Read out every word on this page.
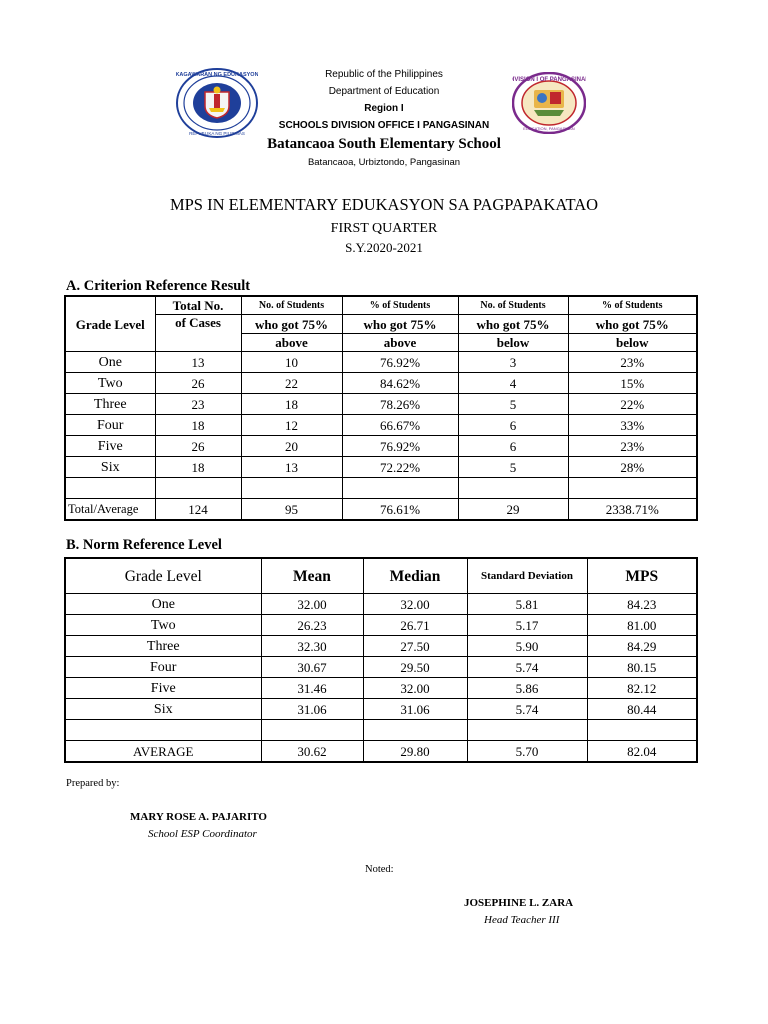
KAGAWARAN NG EDUKASYON
REPUBLIKA NG PILIPINAS
DIVISION I OF PANGASINAN
EDUCATION, PANGASINAN
Republic of the Philippines
Department of Education
Region I
SCHOOLS DIVISION OFFICE I PANGASINAN
Batancaoa South Elementary School
Batancaoa, Urbiztondo, Pangasinan
MPS IN ELEMENTARY EDUKASYON SA PAGPAPAKATAO
FIRST QUARTER
S.Y.2020-2021
A. Criterion Reference Result
Grade Level	Total No.	No. of Students	% of Students	No. of Students	% of Students
	of Cases	who got 75%	who got 75%	who got 75%	who got 75%
		above	above	below	below
One	13	10	76.92%	3	23%
Two	26	22	84.62%	4	15%
Three	23	18	78.26%	5	22%
Four	18	12	66.67%	6	33%
Five	26	20	76.92%	6	23%
Six	18	13	72.22%	5	28%

Total/Average	124	95	76.61%	29	2338.71%
B. Norm Reference Level
Grade Level	Mean	Median	Standard Deviation	MPS
One	32.00	32.00	5.81	84.23
Two	26.23	26.71	5.17	81.00
Three	32.30	27.50	5.90	84.29
Four	30.67	29.50	5.74	80.15
Five	31.46	32.00	5.86	82.12
Six	31.06	31.06	5.74	80.44

AVERAGE	30.62	29.80	5.70	82.04
Prepared by:
MARY ROSE A. PAJARITO
School ESP Coordinator
Noted:
JOSEPHINE L. ZARA
Head Teacher III
